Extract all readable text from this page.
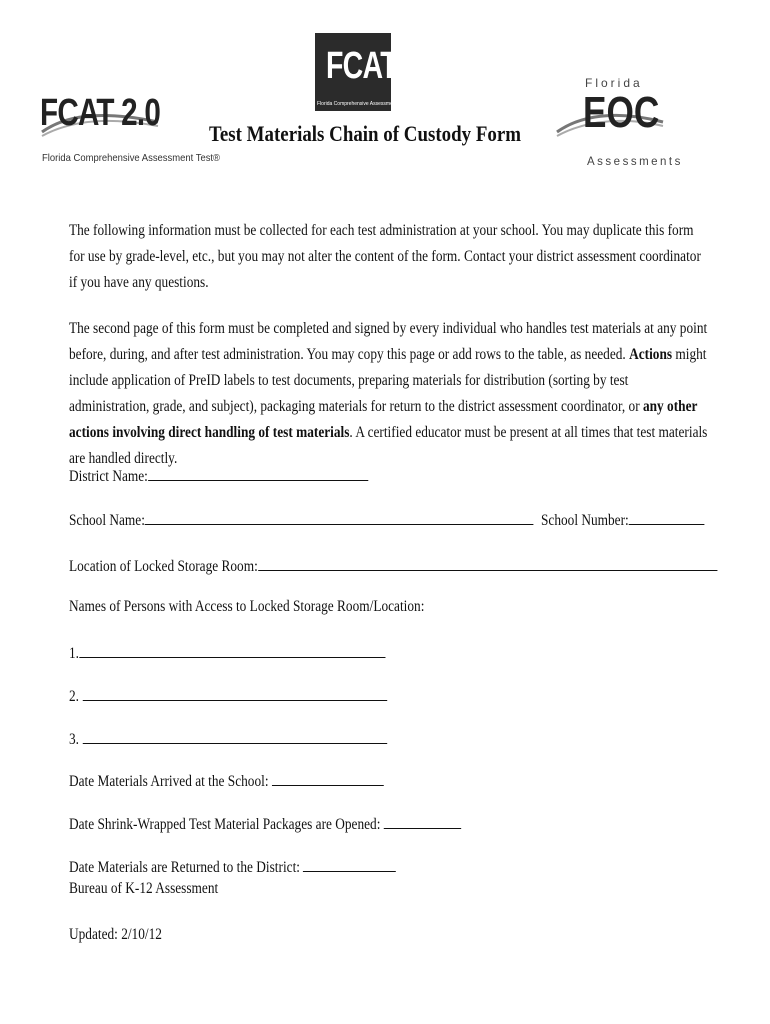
FCAT 2.0
Florida Comprehensive Assessment Test®
FCAT
Florida Comprehensive Assessment Test®
Test Materials Chain of Custody Form
Florida
EOC
Assessments
The following information must be collected for each test administration at your school. You may duplicate this form for use by grade-level, etc., but you may not alter the content of the form. Contact your district assessment coordinator if you have any questions.
The second page of this form must be completed and signed by every individual who handles test materials at any point before, during, and after test administration. You may copy this page or add rows to the table, as needed. Actions might include application of PreID labels to test documents, preparing materials for distribution (sorting by test administration, grade, and subject), packaging materials for return to the district assessment coordinator, or any other actions involving direct handling of test materials. A certified educator must be present at all times that test materials are handled directly.
District Name:
School Name:	School Number:
Location of Locked Storage Room:
Names of Persons with Access to Locked Storage Room/Location:
1.
2.
3.
Date Materials Arrived at the School:
Date Shrink-Wrapped Test Material Packages are Opened:
Date Materials are Returned to the District:
Bureau of K-12 Assessment
Updated: 2/10/12
